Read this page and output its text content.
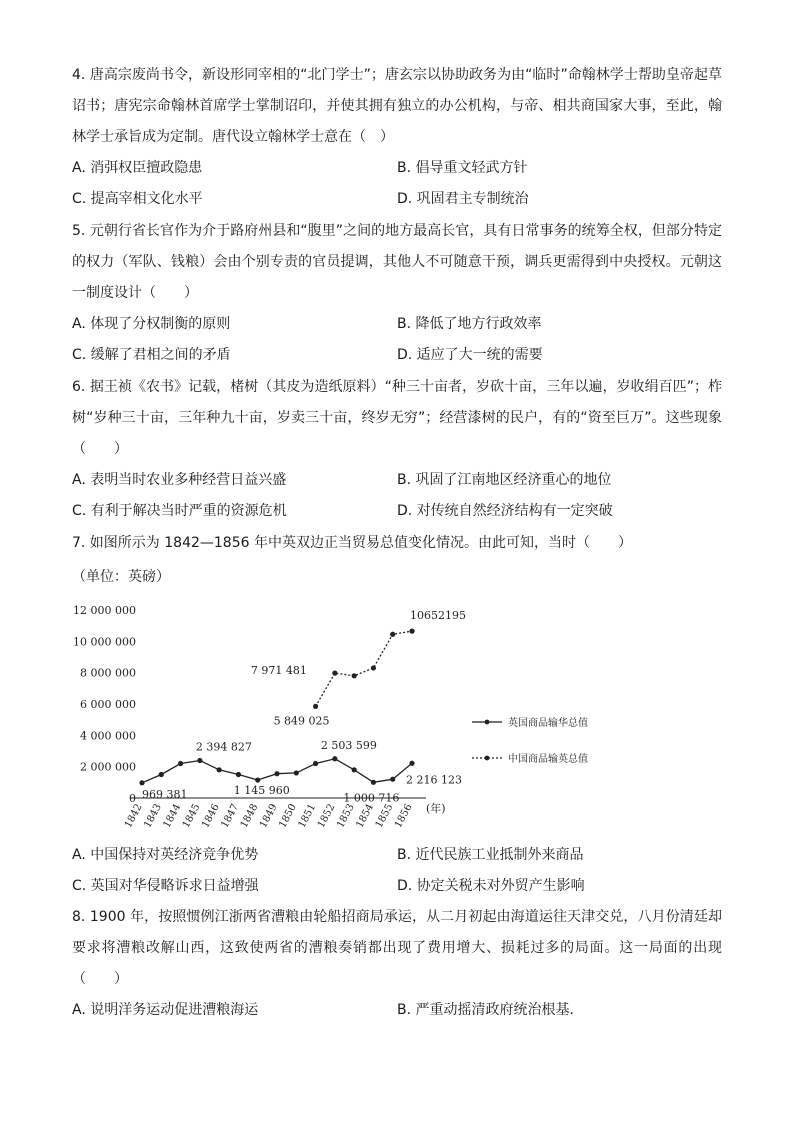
4. 唐高宗废尚书令，新设形同宰相的“北门学士”；唐玄宗以协助政务为由“临时”命翰林学士帮助皇帝起草诏书；唐宪宗命翰林首席学士掌制诏印，并使其拥有独立的办公机构，与帝、相共商国家大事，至此，翰林学士承旨成为定制。唐代设立翰林学士意在（　）

A. 消弭权臣擅政隐患	B. 倡导重文轻武方针
C. 提高宰相文化水平	D. 巩固君主专制统治

5. 元朝行省长官作为介于路府州县和“腹里”之间的地方最高长官，具有日常事务的统筹全权，但部分特定的权力（军队、钱粮）会由个别专责的官员提调，其他人不可随意干预，调兵更需得到中央授权。元朝这一制度设计（　　）

A. 体现了分权制衡的原则	B. 降低了地方行政效率
C. 缓解了君相之间的矛盾	D. 适应了大一统的需要

6. 据王祯《农书》记载，楮树（其皮为造纸原料）“种三十亩者，岁砍十亩，三年以遍，岁收绢百匹”；柞树“岁种三十亩，三年种九十亩，岁卖三十亩，终岁无穷”；经营漆树的民户，有的“资至巨万”。这些现象（　　）

A. 表明当时农业多种经营日益兴盛	B. 巩固了江南地区经济重心的地位
C. 有利于解决当时严重的资源危机	D. 对传统自然经济结构有一定突破

7. 如图所示为 1842—1856 年中英双边正当贸易总值变化情况。由此可知，当时（　　）

（单位：英磅）
0
2 000 000
4 000 000
6 000 000
8 000 000
10 000 000
12 000 000
1842
1843
1844
1845
1846
1847
1848
1849
1850
1851
1852
1853
1854
1855
1856 (年)
969 381
2 394 827
1 145 960
2 503 599
1 000 716
2 216 123
5 849 025
7 971 481
10652195
英国商品输华总值
中国商品输英总值
A. 中国保持对英经济竞争优势	B. 近代民族工业抵制外来商品
C. 英国对华侵略诉求日益增强	D. 协定关税未对外贸产生影响

8. 1900 年，按照惯例江浙两省漕粮由轮船招商局承运，从二月初起由海道运往天津交兑，八月份清廷却要求将漕粮改解山西，这致使两省的漕粮奏销都出现了费用增大、损耗过多的局面。这一局面的出现（　　）

A. 说明洋务运动促进漕粮海运	B. 严重动摇清政府统治根基．
